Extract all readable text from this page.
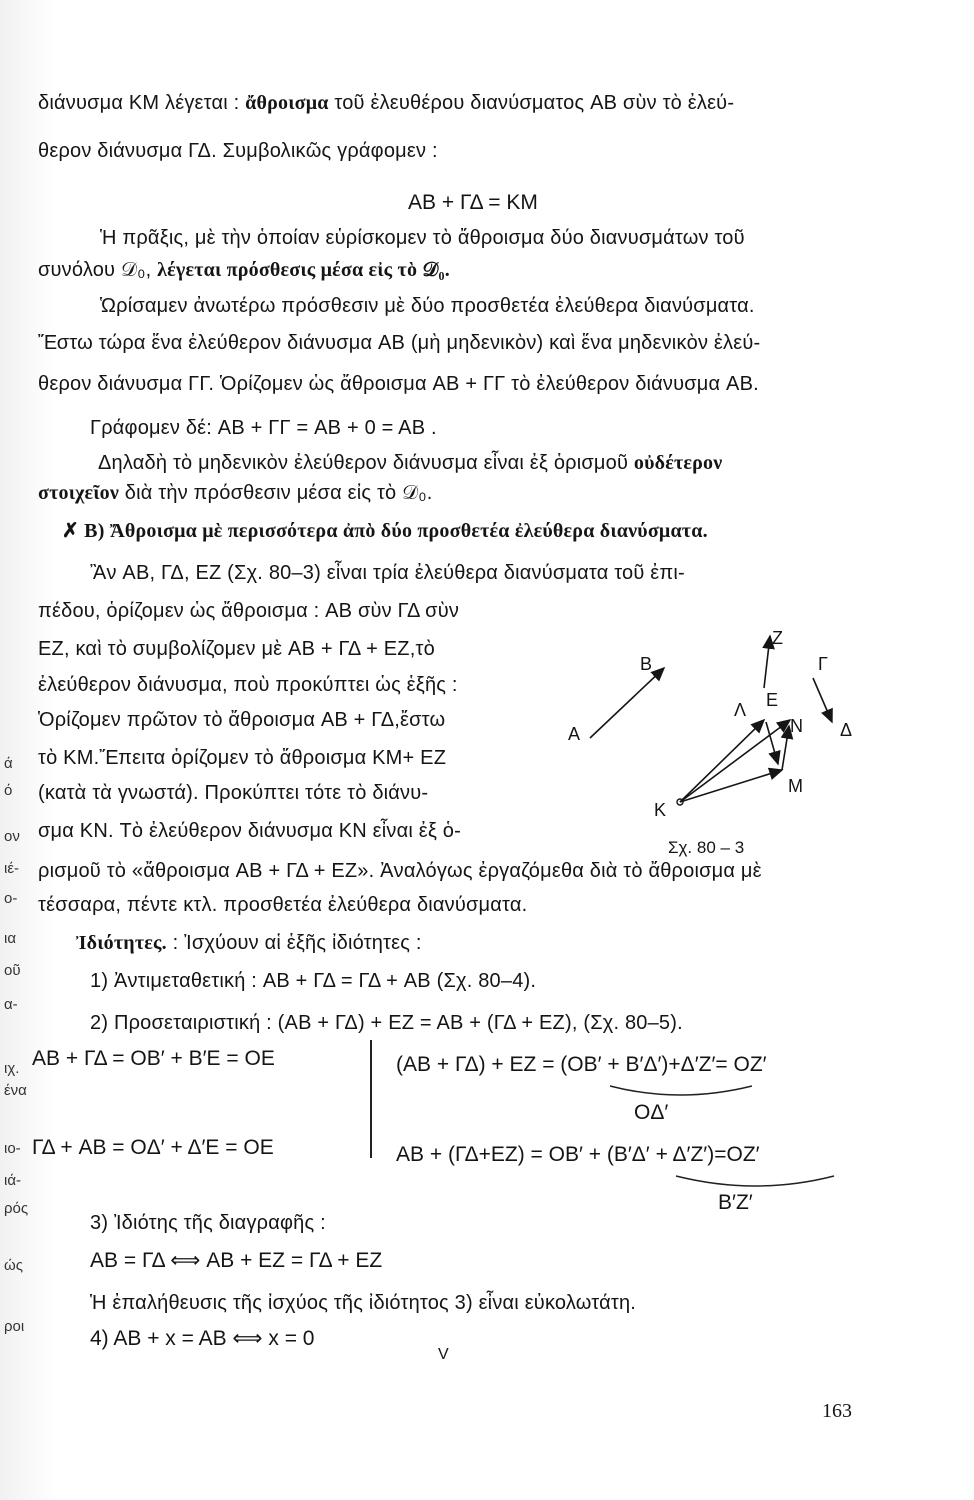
ά
ό
ον
ιέ-
ο-
ια
οῦ
α-
ιχ.
ένα
ιο-
ιά-
ρός
ώς
ροι
διάνυσμα KM λέγεται : ἄθροισμα τοῦ ἐλευθέρου διανύσματος AB σὺν τὸ ἐλεύ-
θερον διάνυσμα ΓΔ. Συμβολικῶς γράφομεν :
AB + ΓΔ = KM
Ἡ πρᾶξις, μὲ τὴν ὁποίαν εὑρίσκομεν τὸ ἄθροισμα δύο διανυσμάτων τοῦ
συνόλου 𝒟₀, λέγεται πρόσθεσις μέσα εἰς τὸ 𝒟₀.
Ὡρίσαμεν ἀνωτέρω πρόσθεσιν μὲ δύο προσθετέα ἐλεύθερα διανύσματα.
Ἔστω τώρα ἕνα ἐλεύθερον διάνυσμα AB (μὴ μηδενικὸν) καὶ ἕνα μηδενικὸν ἐλεύ-
θερον διάνυσμα ΓΓ. Ὁρίζομεν ὡς ἄθροισμα AB + ΓΓ τὸ ἐλεύθερον διάνυσμα AB.
Γράφομεν δέ: AB + ΓΓ = AB + 0 = AB .
Δηλαδὴ τὸ μηδενικὸν ἐλεύθερον διάνυσμα εἶναι ἐξ ὁρισμοῦ οὐδέτερον
στοιχεῖον διὰ τὴν πρόσθεσιν μέσα εἰς τὸ 𝒟₀.
✗ B) Ἄθροισμα μὲ περισσότερα ἀπὸ δύο προσθετέα ἐλεύθερα διανύσματα.
Ἂν AB, ΓΔ, EZ (Σχ. 80–3) εἶναι τρία ἐλεύθερα διανύσματα τοῦ ἐπι-
πέδου, ὁρίζομεν ὡς ἄθροισμα : AB σὺν ΓΔ σὺν
EZ, καὶ τὸ συμβολίζομεν μὲ AB + ΓΔ + EZ,τὸ
ἐλεύθερον διάνυσμα, ποὺ προκύπτει ὡς ἑξῆς :
Ὁρίζομεν πρῶτον τὸ ἄθροισμα AB + ΓΔ,ἔστω
τὸ KM.Ἔπειτα ὁρίζομεν τὸ ἄθροισμα KM+ EZ
(κατὰ τὰ γνωστά). Προκύπτει τότε τὸ διάνυ-
σμα KN. Τὸ ἐλεύθερον διάνυσμα KN εἶναι ἐξ ὁ-
ρισμοῦ τὸ «ἄθροισμα AB + ΓΔ + EZ». Ἀναλόγως ἐργαζόμεθα διὰ τὸ ἄθροισμα μὲ
τέσσαρα, πέντε κτλ. προσθετέα ἐλεύθερα διανύσματα.
Ἰδιότητες. : Ἰσχύουν αἱ ἑξῆς ἰδιότητες :
1) Ἀντιμεταθετική : AB + ΓΔ = ΓΔ + AB (Σχ. 80–4).
2) Προσεταιριστική : (AB + ΓΔ) + EZ = AB + (ΓΔ + EZ), (Σχ. 80–5).
AB + ΓΔ = OB′ + B′E = OE	(AB + ΓΔ) + EZ = (OB′ + B′Δ′)+Δ′Z′= OZ′
OΔ′
ΓΔ + AB = OΔ′ + Δ′E = OE	AB + (ΓΔ+EZ) = OB′ + (B′Δ′ + Δ′Z′)=OZ′
B′Z′
3) Ἰδιότης τῆς διαγραφῆς :
AB = ΓΔ ⟺ AB + EZ = ΓΔ + EZ
Ἡ ἐπαλήθευσις τῆς ἰσχύος τῆς ἰδιότητος 3) εἶναι εὐκολωτάτη.
4) AB + x = AB ⟺ x = 0
V
A
B
Z
E
Γ
Δ
Λ
N
M
K
Σχ. 80 – 3
163
